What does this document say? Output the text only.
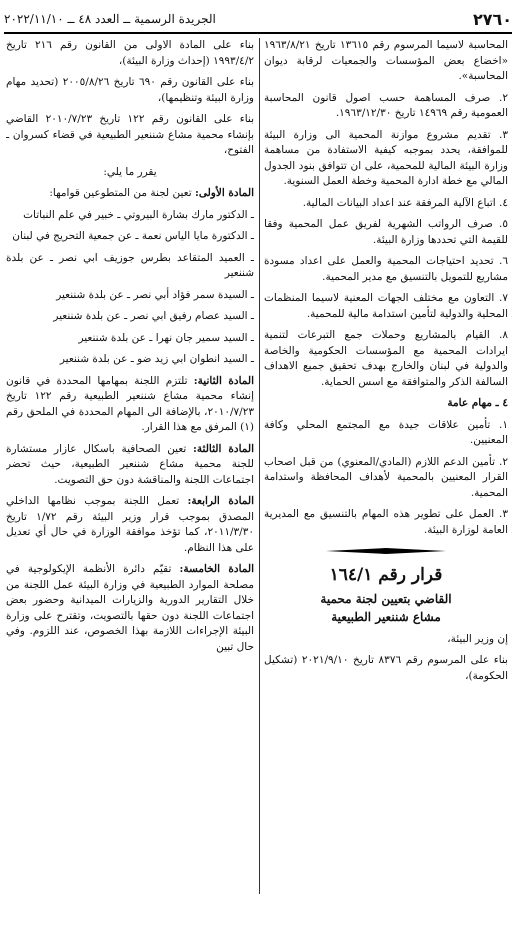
٢٧٦٠
الجريدة الرسمية ــ العدد ٤٨ ــ ٢٠٢٢/١١/١٠

المحاسبة لاسيما المرسوم رقم ١٣٦١٥ تاريخ ١٩٦٣/٨/٢١ «اخضاع بعض المؤسسات والجمعيات لرقابة ديوان المحاسبة».

٢. صرف المساهمة حسب اصول قانون المحاسبة العمومية رقم ١٤٩٦٩ تاريخ ١٩٦٣/١٢/٣٠.

٣. تقديم مشروع موازنة المحمية الى وزارة البيئة للموافقة، يحدد بموجبه كيفية الاستفادة من مساهمة وزارة البيئة المالية للمحمية، على ان تتوافق بنود الجدول المالي مع خطة ادارة المحمية وخطة العمل السنوية.

٤. اتباع الآلية المرفقة عند اعداد البيانات المالية.

٥. صرف الرواتب الشهرية لفريق عمل المحمية وفقا للقيمة التي تحددها وزارة البيئة.

٦. تحديد احتياجات المحمية والعمل على اعداد مسودة مشاريع للتمويل بالتنسيق مع مدير المحمية.

٧. التعاون مع مختلف الجهات المعنية لاسيما المنظمات المحلية والدولية لتأمين استدامة مالية للمحمية.

٨. القيام بالمشاريع وحملات جمع التبرعات لتنمية ايرادات المحمية مع المؤسسات الحكومية والخاصة والدولية في لبنان والخارج بهدف تحقيق جميع الاهداف السالفة الذكر والمتوافقة مع اسس الحماية.

٤ ـ مهام عامة

١. تأمين علاقات جيدة مع المجتمع المحلي وكافة المعنيين.

٢. تأمين الدعم اللازم (المادي/المعنوي) من قبل اصحاب القرار المعنيين بالمحمية لأهداف المحافظة واستدامة المحمية.

٣. العمل على تطوير هذه المهام بالتنسيق مع المديرية العامة لوزارة البيئة.

قرار رقم ١٦٤/١
القاضي بتعيين لجنة محمية
مشاع شننعير الطبيعية

إن وزير البيئة،

بناء على المرسوم رقم ٨٣٧٦ تاريخ ٢٠٢١/٩/١٠ (تشكيل الحكومة)،

بناء على المادة الاولى من القانون رقم ٢١٦ تاريخ ١٩٩٣/٤/٢ (إحداث وزارة البيئة)،

بناء على القانون رقم ٦٩٠ تاريخ ٢٠٠٥/٨/٢٦ (تحديد مهام وزارة البيئة وتنظيمها)،

بناء على القانون رقم ١٢٢ تاريخ ٢٠١٠/٧/٢٣ القاضي بإنشاء محمية مشاع شننعير الطبيعية في قضاء كسروان ـ الفتوح،

يقرر ما يلي:

المادة الأولى: تعين لجنة من المتطوعين قوامها:

ـ الدكتور مارك بشارة البيروتي ـ خبير في علم النباتات

ـ الدكتورة مايا الياس نعمة ـ عن جمعية التحريج في لبنان

ـ العميد المتقاعد بطرس جوزيف ابي نصر ـ عن بلدة شننعير

ـ السيدة سمر فؤاد أبي نصر ـ عن بلدة شننعير

ـ السيد عصام رفيق ابي نصر ـ عن بلدة شننعير

ـ السيد سمير جان نهرا ـ عن بلدة شننعير

ـ السيد انطوان ابي زيد ضو ـ عن بلدة شننعير

المادة الثانية: تلتزم اللجنة بمهامها المحددة في قانون إنشاء محمية مشاع شننعير الطبيعية رقم ١٢٢ تاريخ ٢٠١٠/٧/٢٣، بالإضافة الى المهام المحددة في الملحق رقم (١) المرفق مع هذا القرار.

المادة الثالثة: تعين الصحافية باسكال عازار مستشارة للجنة محمية مشاع شننعير الطبيعية، حيث تحضر اجتماعات اللجنة والمناقشة دون حق التصويت.

المادة الرابعة: تعمل اللجنة بموجب نظامها الداخلي المصدق بموجب قرار وزير البيئة رقم ١/٧٢ تاريخ ٢٠١١/٣/٣٠، كما تؤخذ موافقة الوزارة في حال أي تعديل على هذا النظام.

المادة الخامسة: تقيّم دائرة الأنظمة الإيكولوجية في مصلحة الموارد الطبيعية في وزارة البيئة عمل اللجنة من خلال التقارير الدورية والزيارات الميدانية وحضور بعض اجتماعات اللجنة دون حقها بالتصويت، وتقترح على وزارة البيئة الإجراءات اللازمة بهذا الخصوص، عند اللزوم. وفي حال تبين
